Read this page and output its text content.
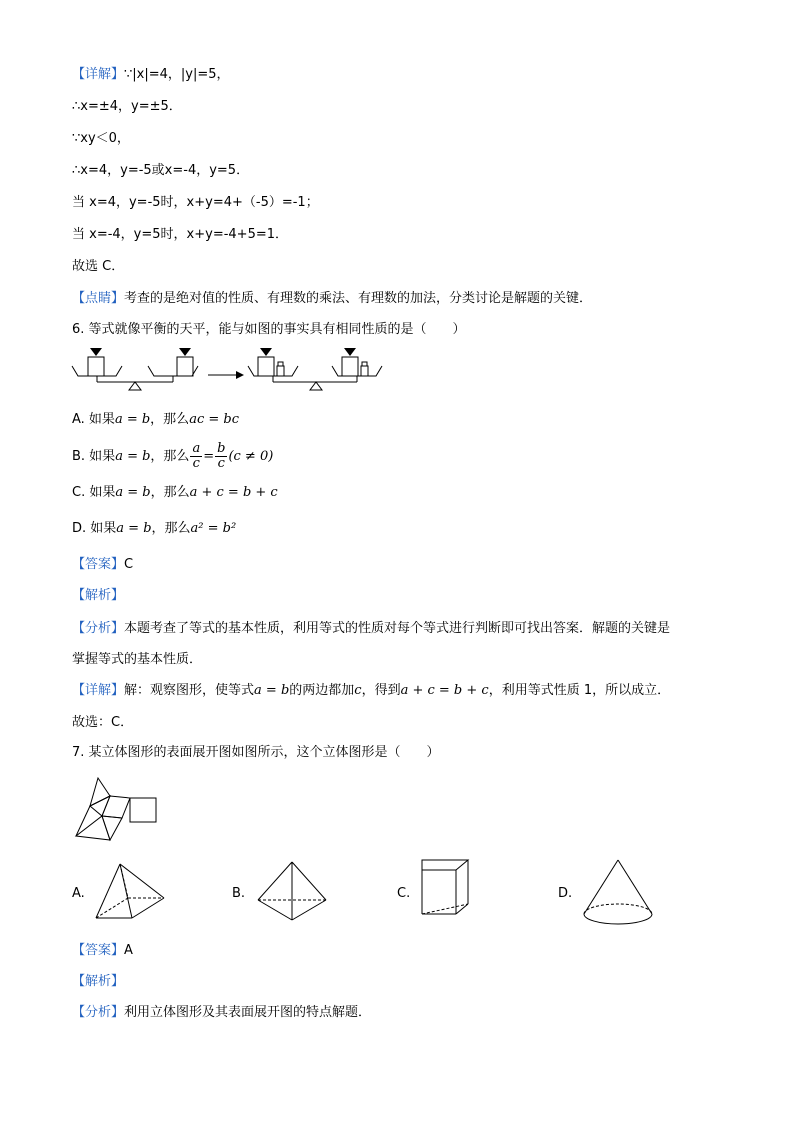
【详解】∵|x|=4，|y|=5，
∴x=±4，y=±5．
∵xy＜0，
∴x=4，y=-5或x=-4，y=5．
当 x=4，y=-5时，x+y=4+（-5）=-1；
当 x=-4，y=5时，x+y=-4+5=1．
故选 C．
【点睛】考查的是绝对值的性质、有理数的乘法、有理数的加法，分类讨论是解题的关键．
6. 等式就像平衡的天平，能与如图的事实具有相同性质的是（　　）
A. 如果a = b，那么ac = bc
B. 如果a = b，那么 $\frac{a}{c} = \frac{b}{c} (c \ne 0)$
C. 如果a = b，那么a + c = b + c
D. 如果a = b，那么a² = b²
【答案】C
【解析】
【分析】本题考查了等式的基本性质，利用等式的性质对每个等式进行判断即可找出答案．解题的关键是
掌握等式的基本性质．
【详解】解：观察图形，使等式a = b的两边都加c，得到a + c = b + c，利用等式性质 1，所以成立．
故选：C．
7. 某立体图形的表面展开图如图所示，这个立体图形是（　　）
A.	B.	C.	D.
【答案】A
【解析】
【分析】利用立体图形及其表面展开图的特点解题．
